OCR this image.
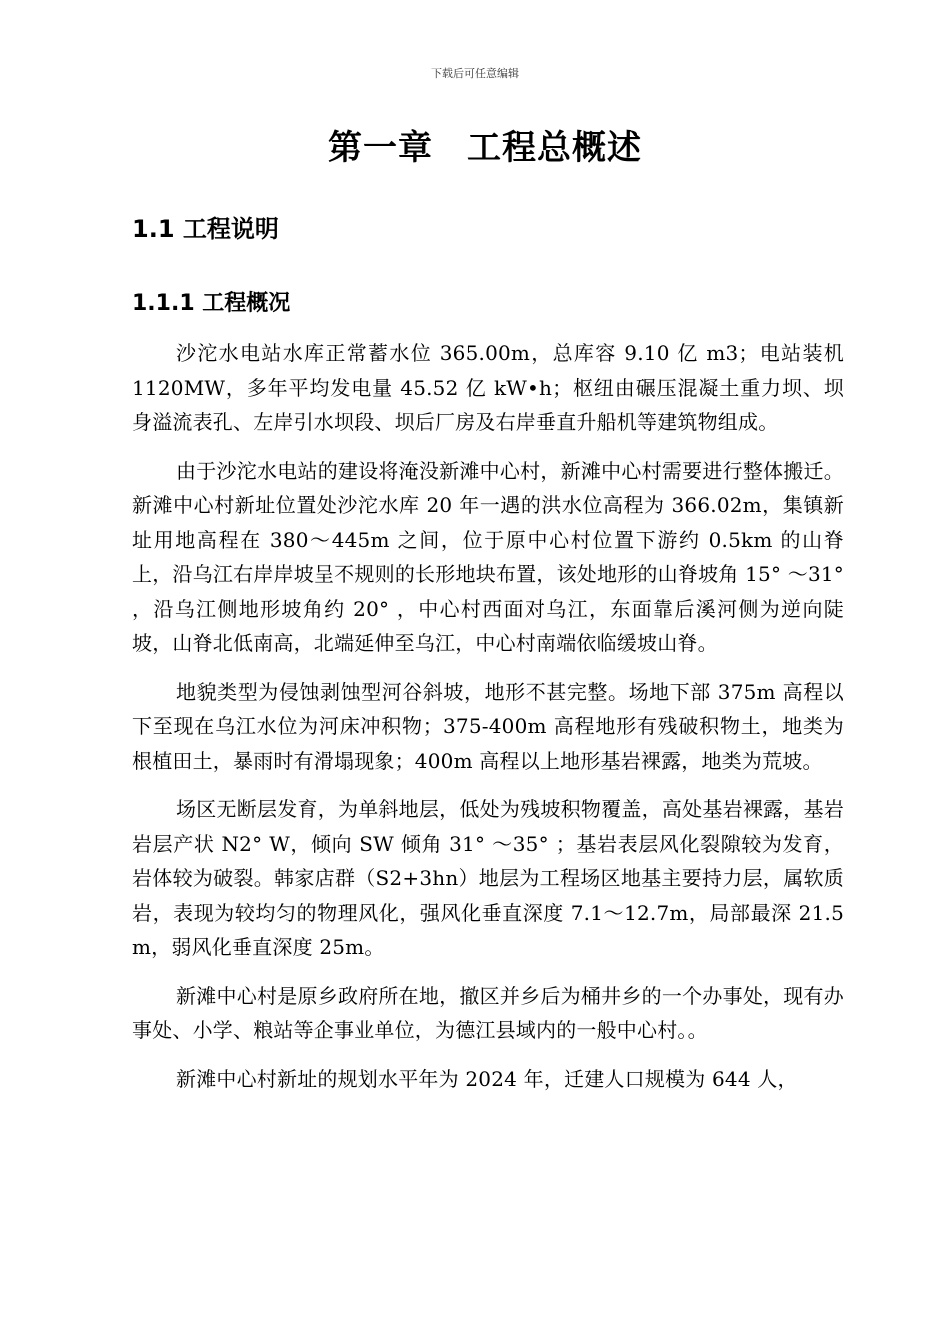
下载后可任意编辑
第一章 工程总概述
1.1 工程说明
1.1.1 工程概况

沙沱水电站水库正常蓄水位 365.00m，总库容 9.10 亿 m3；电站装机 1120MW，多年平均发电量 45.52 亿 kW•h；枢纽由碾压混凝土重力坝、坝身溢流表孔、左岸引水坝段、坝后厂房及右岸垂直升船机等建筑物组成。

由于沙沱水电站的建设将淹没新滩中心村，新滩中心村需要进行整体搬迁。新滩中心村新址位置处沙沱水库 20 年一遇的洪水位高程为 366.02m，集镇新址用地高程在 380～445m 之间，位于原中心村位置下游约 0.5km 的山脊上，沿乌江右岸岸坡呈不规则的长形地块布置，该处地形的山脊坡角 15° ～31° ，沿乌江侧地形坡角约 20° ，中心村西面对乌江，东面靠后溪河侧为逆向陡坡，山脊北低南高，北端延伸至乌江，中心村南端依临缓坡山脊。

地貌类型为侵蚀剥蚀型河谷斜坡，地形不甚完整。场地下部 375m 高程以下至现在乌江水位为河床冲积物；375-400m 高程地形有残破积物土，地类为根植田土，暴雨时有滑塌现象；400m 高程以上地形基岩裸露，地类为荒坡。

场区无断层发育，为单斜地层，低处为残坡积物覆盖，高处基岩裸露，基岩岩层产状 N2° W，倾向 SW 倾角 31° ～35° ；基岩表层风化裂隙较为发育，岩体较为破裂。韩家店群（S2+3hn）地层为工程场区地基主要持力层，属软质岩，表现为较均匀的物理风化，强风化垂直深度 7.1～12.7m，局部最深 21.5 m，弱风化垂直深度 25m。

新滩中心村是原乡政府所在地，撤区并乡后为桶井乡的一个办事处，现有办事处、小学、粮站等企事业单位，为德江县域内的一般中心村。。

新滩中心村新址的规划水平年为 2024 年，迁建人口规模为 644 人，
